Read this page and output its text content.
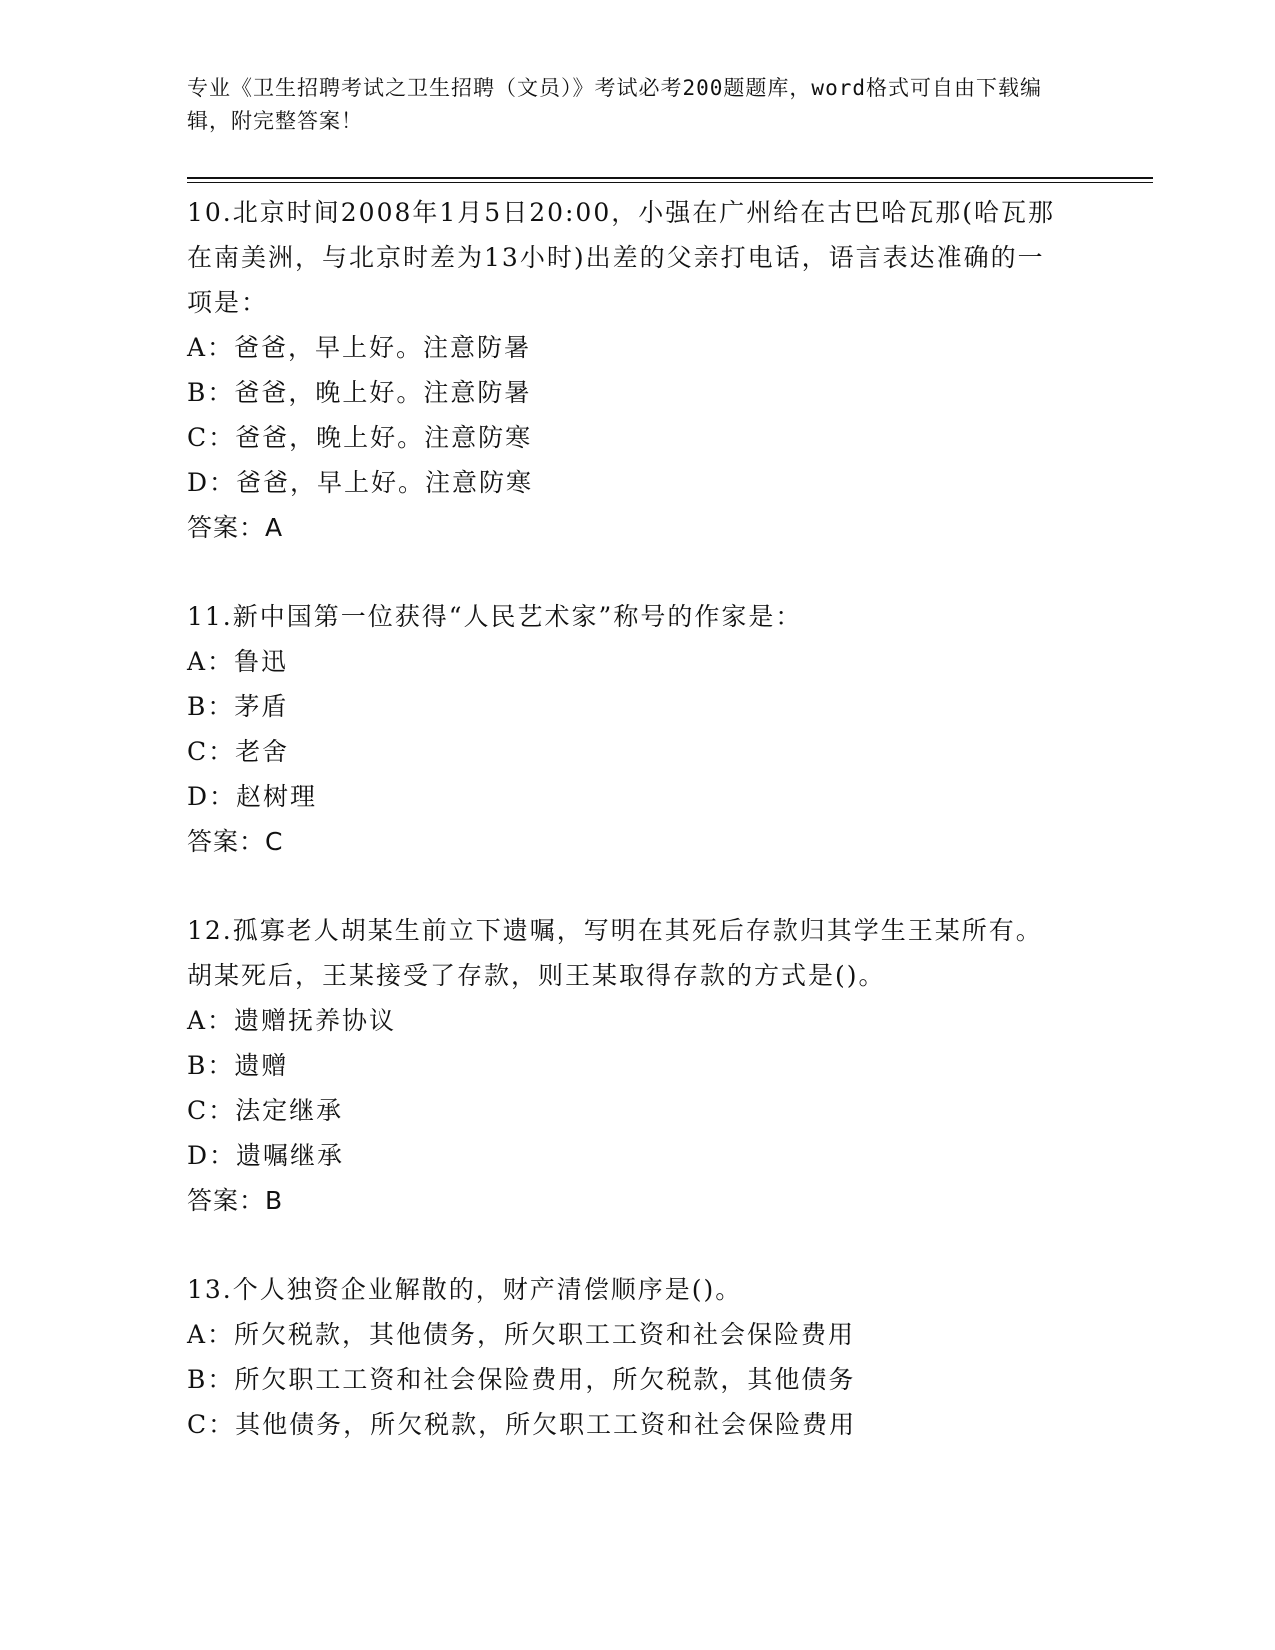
专业《卫生招聘考试之卫生招聘（文员）》考试必考200题题库，word格式可自由下载编辑，附完整答案！
10.北京时间2008年1月5日20:00，小强在广州给在古巴哈瓦那(哈瓦那在南美洲，与北京时差为13小时)出差的父亲打电话，语言表达准确的一项是：
A：爸爸，早上好。注意防暑
B：爸爸，晚上好。注意防暑
C：爸爸，晚上好。注意防寒
D：爸爸，早上好。注意防寒
答案：A
11.新中国第一位获得“人民艺术家”称号的作家是：
A：鲁迅
B：茅盾
C：老舍
D：赵树理
答案：C
12.孤寡老人胡某生前立下遗嘱，写明在其死后存款归其学生王某所有。胡某死后，王某接受了存款，则王某取得存款的方式是()。
A：遗赠抚养协议
B：遗赠
C：法定继承
D：遗嘱继承
答案：B
13.个人独资企业解散的，财产清偿顺序是()。
A：所欠税款，其他债务，所欠职工工资和社会保险费用
B：所欠职工工资和社会保险费用，所欠税款，其他债务
C：其他债务，所欠税款，所欠职工工资和社会保险费用
